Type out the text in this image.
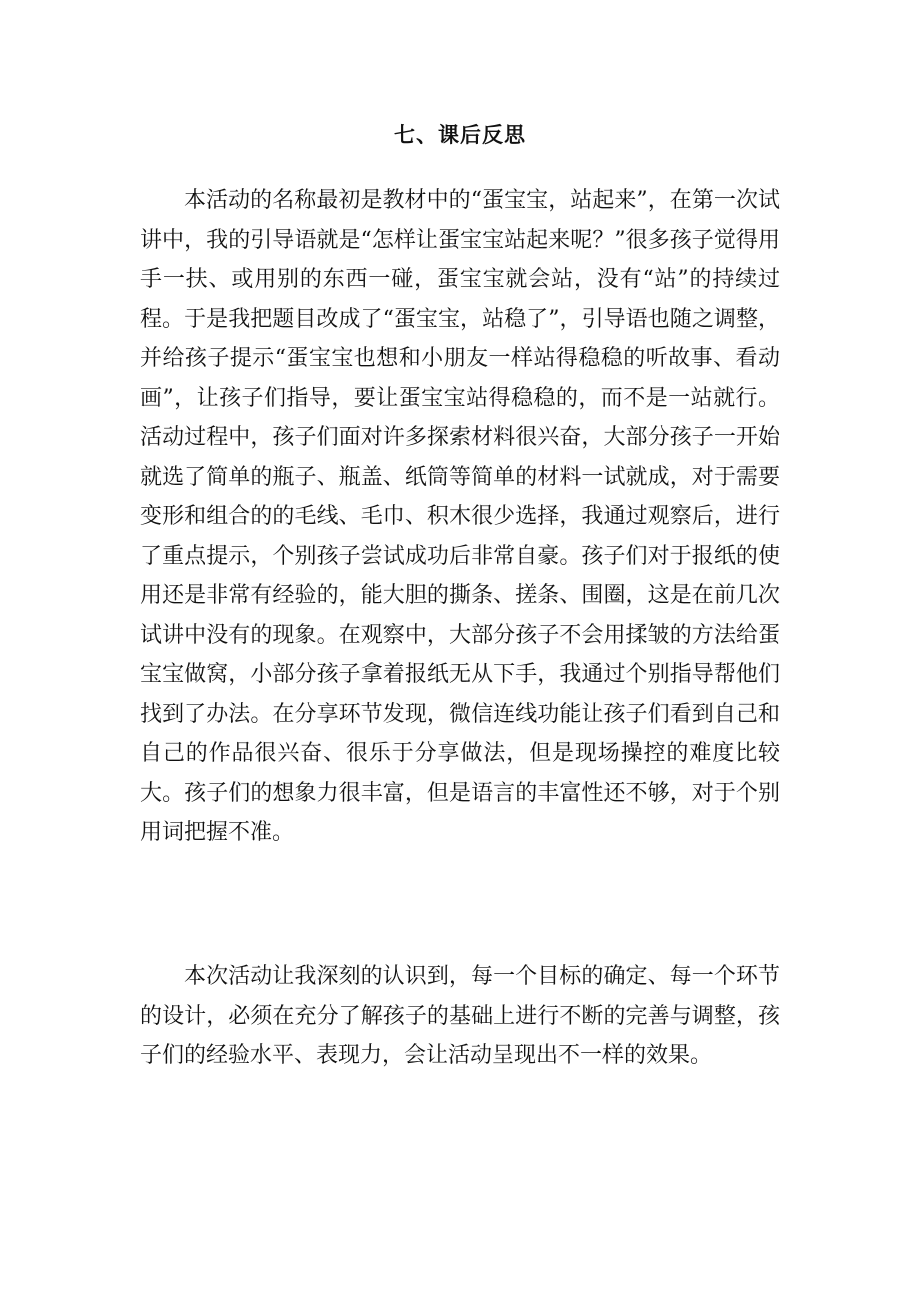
七、课后反思

本活动的名称最初是教材中的“蛋宝宝，站起来”，在第一次试讲中，我的引导语就是“怎样让蛋宝宝站起来呢？”很多孩子觉得用手一扶、或用别的东西一碰，蛋宝宝就会站，没有“站”的持续过程。于是我把题目改成了“蛋宝宝，站稳了”，引导语也随之调整，并给孩子提示“蛋宝宝也想和小朋友一样站得稳稳的听故事、看动画”，让孩子们指导，要让蛋宝宝站得稳稳的，而不是一站就行。活动过程中，孩子们面对许多探索材料很兴奋，大部分孩子一开始就选了简单的瓶子、瓶盖、纸筒等简单的材料一试就成，对于需要变形和组合的的毛线、毛巾、积木很少选择，我通过观察后，进行了重点提示，个别孩子尝试成功后非常自豪。孩子们对于报纸的使用还是非常有经验的，能大胆的撕条、搓条、围圈，这是在前几次试讲中没有的现象。在观察中，大部分孩子不会用揉皱的方法给蛋宝宝做窝，小部分孩子拿着报纸无从下手，我通过个别指导帮他们找到了办法。在分享环节发现，微信连线功能让孩子们看到自己和自己的作品很兴奋、很乐于分享做法，但是现场操控的难度比较大。孩子们的想象力很丰富，但是语言的丰富性还不够，对于个别用词把握不准。

本次活动让我深刻的认识到，每一个目标的确定、每一个环节的设计，必须在充分了解孩子的基础上进行不断的完善与调整，孩子们的经验水平、表现力，会让活动呈现出不一样的效果。
